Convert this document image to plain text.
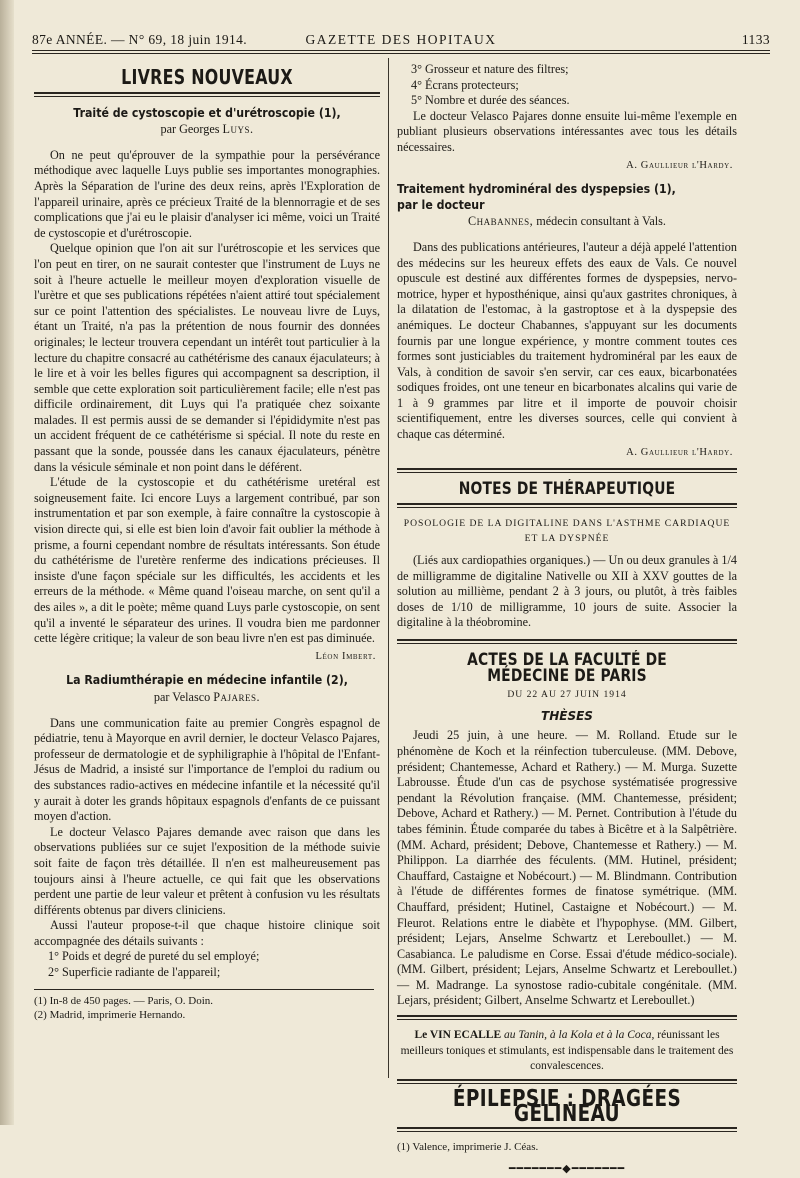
87e ANNÉE. — N° 69, 18 juin 1914.	GAZETTE DES HOPITAUX	1133
LIVRES NOUVEAUX
Traité de cystoscopie et d'urétroscopie (1),
par Georges Luys.

On ne peut qu'éprouver de la sympathie pour la persévérance méthodique avec laquelle Luys publie ses importantes monographies. Après la Séparation de l'urine des deux reins, après l'Exploration de l'appareil urinaire, après ce précieux Traité de la blennorragie et de ses complications que j'ai eu le plaisir d'analyser ici même, voici un Traité de cystoscopie et d'urétroscopie.

Quelque opinion que l'on ait sur l'urétroscopie et les services que l'on peut en tirer, on ne saurait contester que l'instrument de Luys ne soit à l'heure actuelle le meilleur moyen d'exploration visuelle de l'urètre et que ses publications répétées n'aient attiré tout spécialement sur ce point l'attention des spécialistes. Le nouveau livre de Luys, étant un Traité, n'a pas la prétention de nous fournir des données originales; le lecteur trouvera cependant un intérêt tout particulier à la lecture du chapitre consacré au cathétérisme des canaux éjaculateurs; à le lire et à voir les belles figures qui accompagnent sa description, il semble que cette exploration soit particulièrement facile; elle n'est pas difficile ordinairement, dit Luys qui l'a pratiquée chez soixante malades. Il est permis aussi de se demander si l'épididymite n'est pas un accident fréquent de ce cathétérisme si spécial. Il note du reste en passant que la sonde, poussée dans les canaux éjaculateurs, pénètre dans la vésicule séminale et non point dans le déférent.

L'étude de la cystoscopie et du cathétérisme uretéral est soigneusement faite. Ici encore Luys a largement contribué, par son instrumentation et par son exemple, à faire connaître la cystoscopie à vision directe qui, si elle est bien loin d'avoir fait oublier la méthode à prisme, a fourni cependant nombre de résultats intéressants. Son étude du cathétérisme de l'uretère renferme des indications précieuses. Il insiste d'une façon spéciale sur les difficultés, les accidents et les erreurs de la méthode. « Même quand l'oiseau marche, on sent qu'il a des ailes », a dit le poète; même quand Luys parle cystoscopie, on sent qu'il a inventé le séparateur des urines. Il voudra bien me pardonner cette légère critique; la valeur de son beau livre n'en est pas diminuée.

Léon Imbert.
La Radiumthérapie en médecine infantile (2),
par Velasco Pajares.

Dans une communication faite au premier Congrès espagnol de pédiatrie, tenu à Mayorque en avril dernier, le docteur Velasco Pajares, professeur de dermatologie et de syphiligraphie à l'hôpital de l'Enfant-Jésus de Madrid, a insisté sur l'importance de l'emploi du radium ou des substances radio-actives en médecine infantile et la nécessité qu'il y aurait à doter les grands hôpitaux espagnols d'enfants de ce puissant moyen d'action.

Le docteur Velasco Pajares demande avec raison que dans les observations publiées sur ce sujet l'exposition de la méthode suivie soit faite de façon très détaillée. Il n'en est malheureusement pas toujours ainsi à l'heure actuelle, ce qui fait que les observations perdent une partie de leur valeur et prêtent à confusion vu les résultats différents obtenus par divers cliniciens.

Aussi l'auteur propose-t-il que chaque histoire clinique soit accompagnée des détails suivants :

1° Poids et degré de pureté du sel employé;

2° Superficie radiante de l'appareil;

(1) In-8 de 450 pages. — Paris, O. Doin.

(2) Madrid, imprimerie Hernando.

3° Grosseur et nature des filtres;

4° Écrans protecteurs;

5° Nombre et durée des séances.

Le docteur Velasco Pajares donne ensuite lui-même l'exemple en publiant plusieurs observations intéressantes avec tous les détails nécessaires.

A. Gaullieur l'Hardy.
Traitement hydrominéral des dyspepsies (1), par le docteur
Chabannes, médecin consultant à Vals.

Dans des publications antérieures, l'auteur a déjà appelé l'attention des médecins sur les heureux effets des eaux de Vals. Ce nouvel opuscule est destiné aux différentes formes de dyspepsies, nervo-motrice, hyper et hyposthénique, ainsi qu'aux gastrites chroniques, à la dilatation de l'estomac, à la gastroptose et à la dyspepsie des anémiques. Le docteur Chabannes, s'appuyant sur les documents fournis par une longue expérience, y montre comment toutes ces formes sont justiciables du traitement hydrominéral par les eaux de Vals, à condition de savoir s'en servir, car ces eaux, bicarbonatées sodiques froides, ont une teneur en bicarbonates alcalins qui varie de 1 à 9 grammes par litre et il importe de pouvoir choisir scientifiquement, entre les diverses sources, celle qui convient à chaque cas déterminé.

A. Gaullieur l'Hardy.
NOTES DE THÉRAPEUTIQUE
POSOLOGIE DE LA DIGITALINE DANS L'ASTHME CARDIAQUE ET LA DYSPNÉE

(Liés aux cardiopathies organiques.) — Un ou deux granules à 1/4 de milligramme de digitaline Nativelle ou XII à XXV gouttes de la solution au millième, pendant 2 à 3 jours, ou plutôt, à très faibles doses de 1/10 de milligramme, 10 jours de suite. Associer la digitaline à la théobromine.

ACTES DE LA FACULTÉ DE MÉDECINE DE PARIS
DU 22 AU 27 JUIN 1914
THÈSES

Jeudi 25 juin, à une heure. — M. Rolland. Etude sur le phénomène de Koch et la réinfection tuberculeuse. (MM. Debove, président; Chantemesse, Achard et Rathery.) — M. Murga. Suzette Labrousse. Étude d'un cas de psychose systématisée progressive pendant la Révolution française. (MM. Chantemesse, président; Debove, Achard et Rathery.) — M. Pernet. Contribution à l'étude du tabes féminin. Étude comparée du tabes à Bicêtre et à la Salpêtrière. (MM. Achard, président; Debove, Chantemesse et Rathery.) — M. Philippon. La diarrhée des féculents. (MM. Hutinel, président; Chauffard, Castaigne et Nobécourt.) — M. Blindmann. Contribution à l'étude de différentes formes de finatose symétrique. (MM. Chauffard, président; Hutinel, Castaigne et Nobécourt.) — M. Fleurot. Relations entre le diabète et l'hypophyse. (MM. Gilbert, président; Lejars, Anselme Schwartz et Lereboullet.) — M. Casabianca. Le paludisme en Corse. Essai d'étude médico-sociale). (MM. Gilbert, président; Lejars, Anselme Schwartz et Lereboullet.) — M. Madrange. La synostose radio-cubitale congénitale. (MM. Lejars, président; Gilbert, Anselme Schwartz et Lereboullet.)

Le VIN ECALLE au Tanin, à la Kola et à la Coca, réunissant les meilleurs toniques et stimulants, est indispensable dans le traitement des convalescences.
ÉPILEPSIE : DRAGÉES GÉLINEAU

(1) Valence, imprimerie J. Céas.

━━━━━━━◆━━━━━━━
